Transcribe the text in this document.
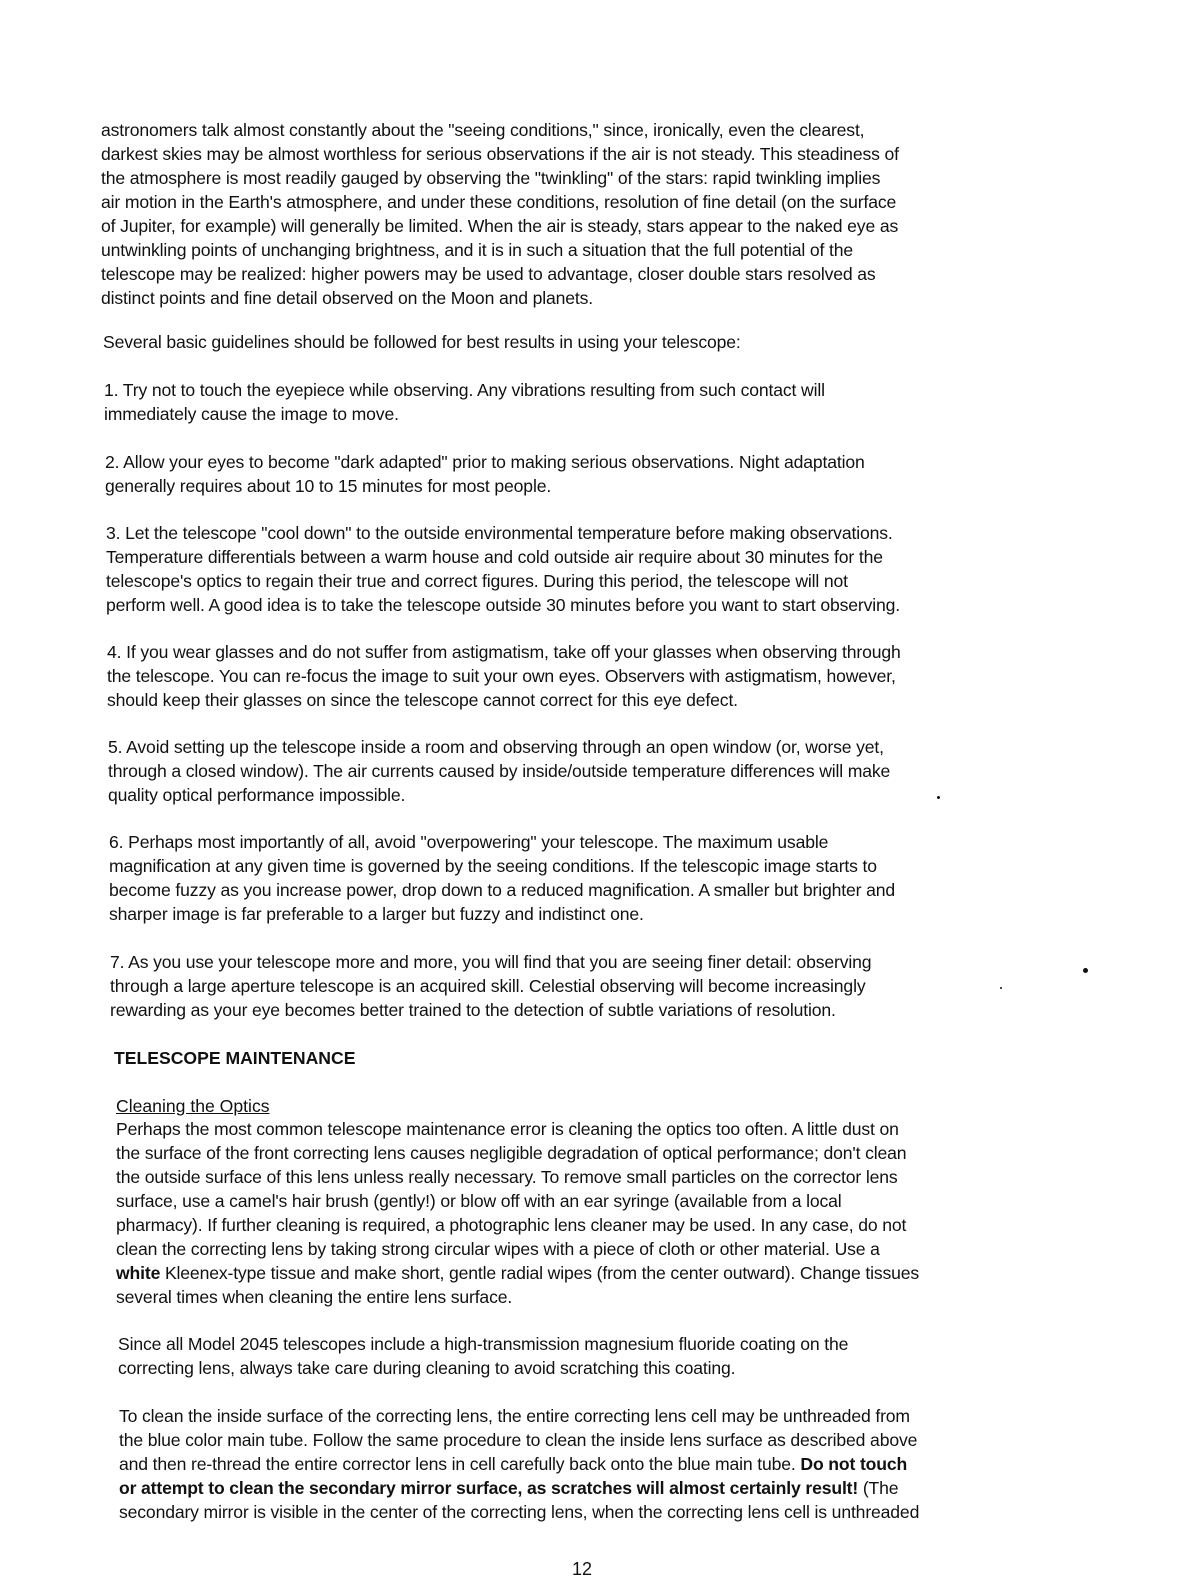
astronomers talk almost constantly about the "seeing conditions," since, ironically, even the clearest,
darkest skies may be almost worthless for serious observations if the air is not steady. This steadiness of
the atmosphere is most readily gauged by observing the "twinkling" of the stars: rapid twinkling implies
air motion in the Earth's atmosphere, and under these conditions, resolution of fine detail (on the surface
of Jupiter, for example) will generally be limited. When the air is steady, stars appear to the naked eye as
untwinkling points of unchanging brightness, and it is in such a situation that the full potential of the
telescope may be realized: higher powers may be used to advantage, closer double stars resolved as
distinct points and fine detail observed on the Moon and planets.

Several basic guidelines should be followed for best results in using your telescope:

1. Try not to touch the eyepiece while observing. Any vibrations resulting from such contact will
immediately cause the image to move.

2. Allow your eyes to become "dark adapted" prior to making serious observations. Night adaptation
generally requires about 10 to 15 minutes for most people.

3. Let the telescope "cool down" to the outside environmental temperature before making observations.
Temperature differentials between a warm house and cold outside air require about 30 minutes for the
telescope's optics to regain their true and correct figures. During this period, the telescope will not
perform well. A good idea is to take the telescope outside 30 minutes before you want to start observing.

4. If you wear glasses and do not suffer from astigmatism, take off your glasses when observing through
the telescope. You can re-focus the image to suit your own eyes. Observers with astigmatism, however,
should keep their glasses on since the telescope cannot correct for this eye defect.

5. Avoid setting up the telescope inside a room and observing through an open window (or, worse yet,
through a closed window). The air currents caused by inside/outside temperature differences will make
quality optical performance impossible.

6. Perhaps most importantly of all, avoid "overpowering" your telescope. The maximum usable
magnification at any given time is governed by the seeing conditions. If the telescopic image starts to
become fuzzy as you increase power, drop down to a reduced magnification. A smaller but brighter and
sharper image is far preferable to a larger but fuzzy and indistinct one.

7. As you use your telescope more and more, you will find that you are seeing finer detail: observing
through a large aperture telescope is an acquired skill. Celestial observing will become increasingly
rewarding as your eye becomes better trained to the detection of subtle variations of resolution.

TELESCOPE MAINTENANCE

Cleaning the Optics

Perhaps the most common telescope maintenance error is cleaning the optics too often. A little dust on
the surface of the front correcting lens causes negligible degradation of optical performance; don't clean
the outside surface of this lens unless really necessary. To remove small particles on the corrector lens
surface, use a camel's hair brush (gently!) or blow off with an ear syringe (available from a local
pharmacy). If further cleaning is required, a photographic lens cleaner may be used. In any case, do not
clean the correcting lens by taking strong circular wipes with a piece of cloth or other material. Use a
white Kleenex-type tissue and make short, gentle radial wipes (from the center outward). Change tissues
several times when cleaning the entire lens surface.

Since all Model 2045 telescopes include a high-transmission magnesium fluoride coating on the
correcting lens, always take care during cleaning to avoid scratching this coating.

To clean the inside surface of the correcting lens, the entire correcting lens cell may be unthreaded from
the blue color main tube. Follow the same procedure to clean the inside lens surface as described above
and then re-thread the entire corrector lens in cell carefully back onto the blue main tube. Do not touch
or attempt to clean the secondary mirror surface, as scratches will almost certainly result! (The
secondary mirror is visible in the center of the correcting lens, when the correcting lens cell is unthreaded

12
